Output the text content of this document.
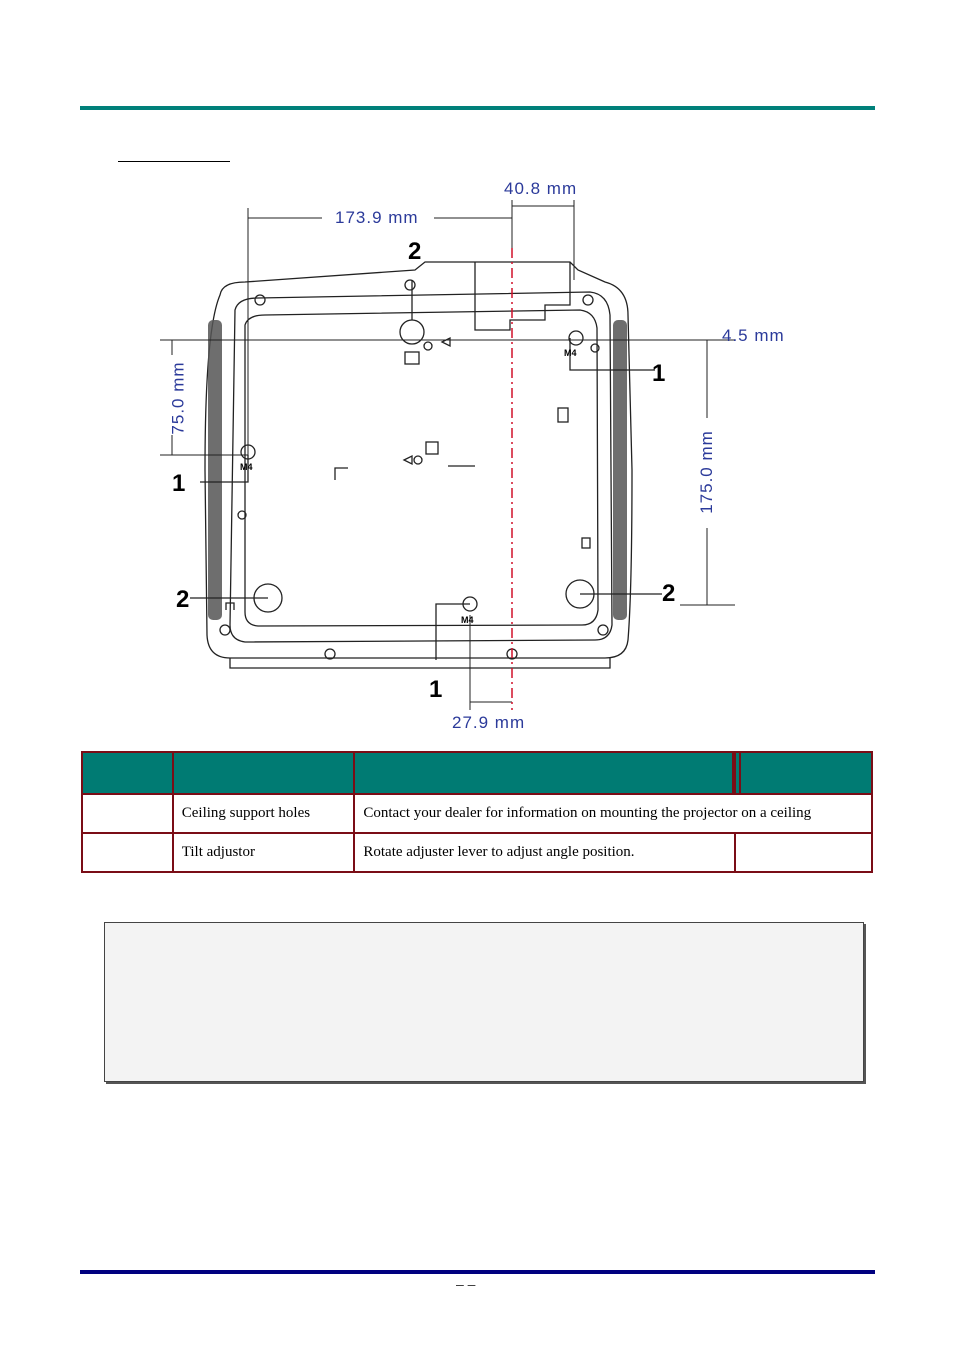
173.9 mm
40.8 mm
4.5 mm
75.0 mm
175.0 mm
27.9 mm
2
1
1
2	2
1
M4
M4
M4

	Ceiling support holes	Contact your dealer for information on mounting the projector on a ceiling	
	Tilt adjustor	Rotate adjuster lever to adjust angle position.	
– –
